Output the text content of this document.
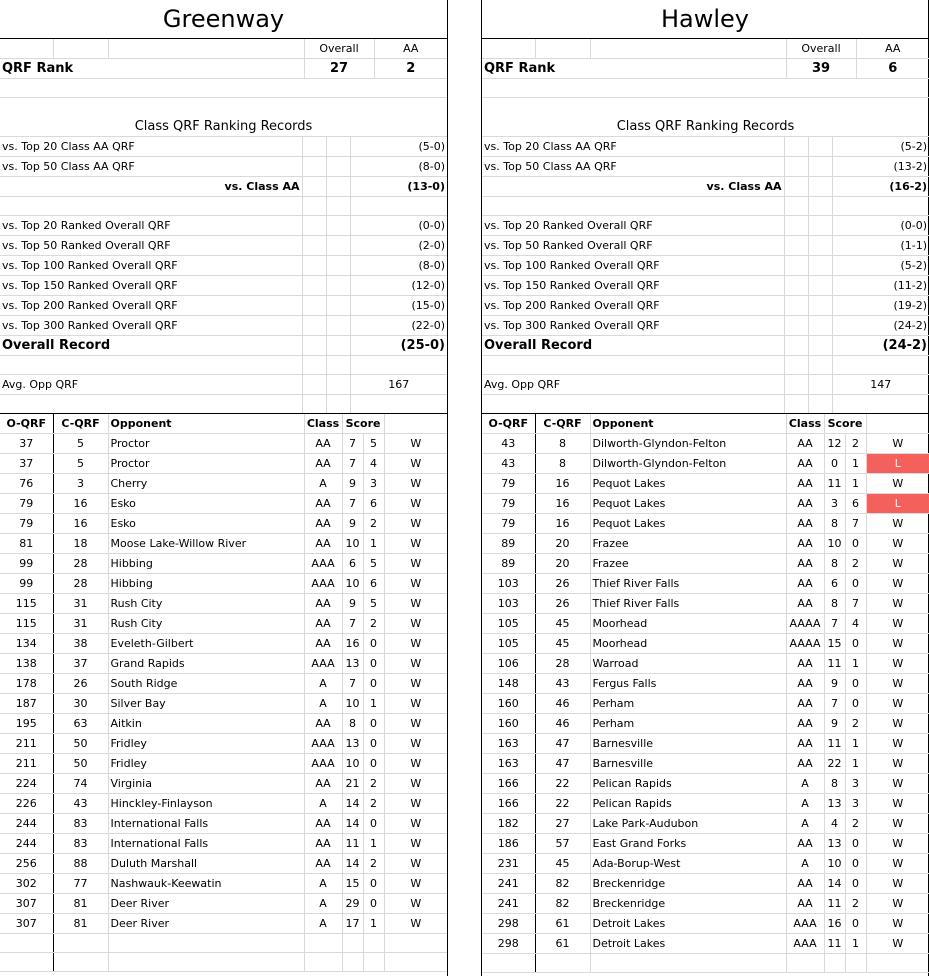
Greenway
			Overall	AA
QRF Rank			27	2

Class QRF Ranking Records			
vs. Top 20 Class AA QRF			(5-0)
vs. Top 50 Class AA QRF			(8-0)
vs. Class AA			(13-0)

vs. Top 20 Ranked Overall QRF			(0-0)
vs. Top 50 Ranked Overall QRF			(2-0)
vs. Top 100 Ranked Overall QRF			(8-0)
vs. Top 150 Ranked Overall QRF			(12-0)
vs. Top 200 Ranked Overall QRF			(15-0)
vs. Top 300 Ranked Overall QRF			(22-0)
Overall Record			(25-0)

Avg. Opp QRF			167

O-QRF	C-QRF	Opponent	Class	Score		
37	5	Proctor	AA	7	5	W
37	5	Proctor	AA	7	4	W
76	3	Cherry	A	9	3	W
79	16	Esko	AA	7	6	W
79	16	Esko	AA	9	2	W
81	18	Moose Lake-Willow River	AA	10	1	W
99	28	Hibbing	AAA	6	5	W
99	28	Hibbing	AAA	10	6	W
115	31	Rush City	AA	9	5	W
115	31	Rush City	AA	7	2	W
134	38	Eveleth-Gilbert	AA	16	0	W
138	37	Grand Rapids	AAA	13	0	W
178	26	South Ridge	A	7	0	W
187	30	Silver Bay	A	10	1	W
195	63	Aitkin	AA	8	0	W
211	50	Fridley	AAA	13	0	W
211	50	Fridley	AAA	10	0	W
224	74	Virginia	AA	21	2	W
226	43	Hinckley-Finlayson	A	14	2	W
244	83	International Falls	AA	14	0	W
244	83	International Falls	AA	11	1	W
256	88	Duluth Marshall	AA	14	2	W
302	77	Nashwauk-Keewatin	A	15	0	W
307	81	Deer River	A	29	0	W
307	81	Deer River	A	17	1	W

Hawley
			Overall	AA
QRF Rank			39	6

Class QRF Ranking Records			
vs. Top 20 Class AA QRF			(5-2)
vs. Top 50 Class AA QRF			(13-2)
vs. Class AA			(16-2)

vs. Top 20 Ranked Overall QRF			(0-0)
vs. Top 50 Ranked Overall QRF			(1-1)
vs. Top 100 Ranked Overall QRF			(5-2)
vs. Top 150 Ranked Overall QRF			(11-2)
vs. Top 200 Ranked Overall QRF			(19-2)
vs. Top 300 Ranked Overall QRF			(24-2)
Overall Record			(24-2)

Avg. Opp QRF			147

O-QRF	C-QRF	Opponent	Class	Score		
43	8	Dilworth-Glyndon-Felton	AA	12	2	W
43	8	Dilworth-Glyndon-Felton	AA	0	1	L
79	16	Pequot Lakes	AA	11	1	W
79	16	Pequot Lakes	AA	3	6	L
79	16	Pequot Lakes	AA	8	7	W
89	20	Frazee	AA	10	0	W
89	20	Frazee	AA	8	2	W
103	26	Thief River Falls	AA	6	0	W
103	26	Thief River Falls	AA	8	7	W
105	45	Moorhead	AAAA	7	4	W
105	45	Moorhead	AAAA	15	0	W
106	28	Warroad	AA	11	1	W
148	43	Fergus Falls	AA	9	0	W
160	46	Perham	AA	7	0	W
160	46	Perham	AA	9	2	W
163	47	Barnesville	AA	11	1	W
163	47	Barnesville	AA	22	1	W
166	22	Pelican Rapids	A	8	3	W
166	22	Pelican Rapids	A	13	3	W
182	27	Lake Park-Audubon	A	4	2	W
186	57	East Grand Forks	AA	13	0	W
231	45	Ada-Borup-West	A	10	0	W
241	82	Breckenridge	AA	14	0	W
241	82	Breckenridge	AA	11	2	W
298	61	Detroit Lakes	AAA	16	0	W
298	61	Detroit Lakes	AAA	11	1	W
